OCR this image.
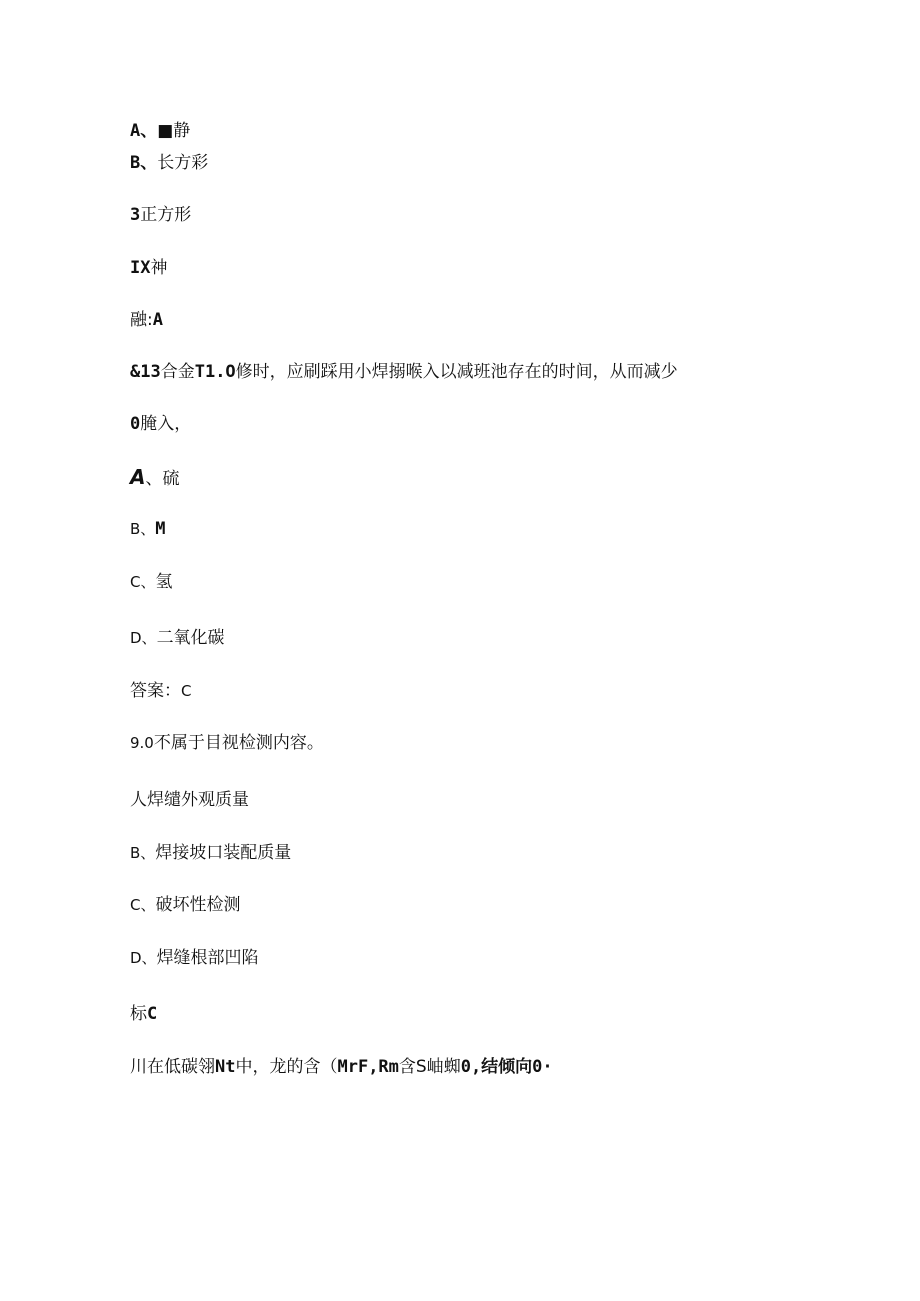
A、■静
B、长方彩
3正方形
IX神
融:A
&13合金T1.O修时，应刷踩用小焊搦喉入以减班池存在的时间，从而减少
0腌入，
A、硫
B、M
C、氢
D、二氧化碳
答案：C
9.0不属于目视检测内容。
人焊缱外观质量
B、焊接坡口装配质量
C、破坏性检测
D、焊缝根部凹陷
标C
川在低碳翎Nt中，龙的含（MrF,Rm含S岫蜘0,结倾向0·
